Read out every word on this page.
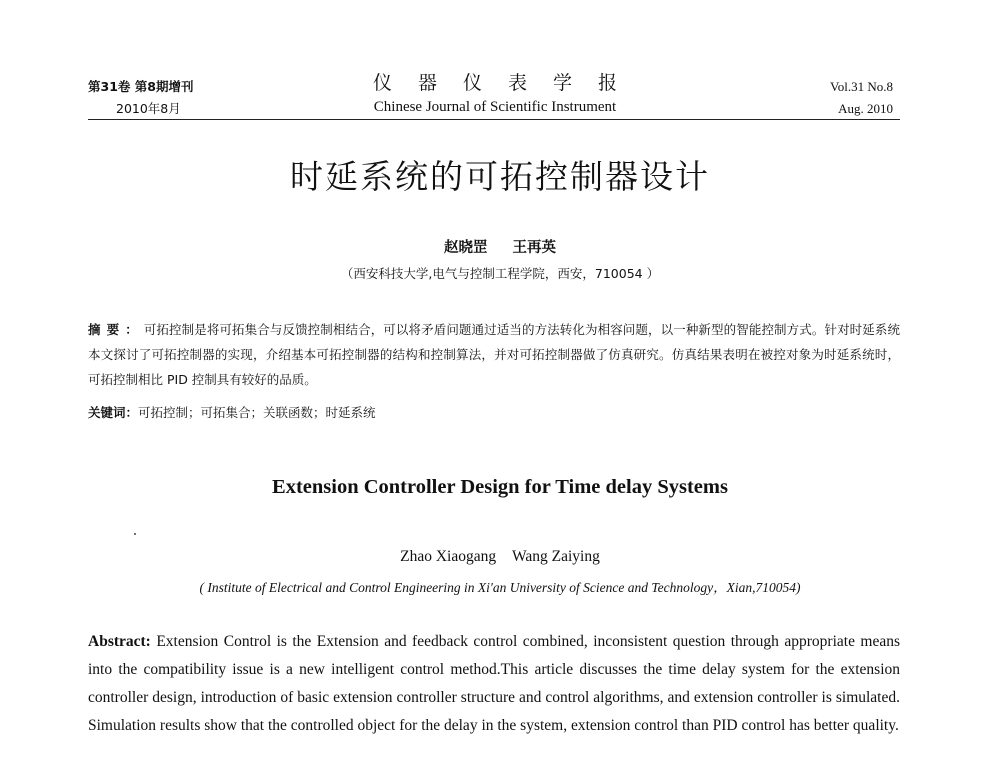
第31卷 第8期增刊
2010年8月
仪器仪表学报
Chinese Journal of Scientific Instrument
Vol.31 No.8
Aug. 2010
时延系统的可拓控制器设计
赵晓罡 王再英
（西安科技大学,电气与控制工程学院，西安，710054 ）
摘要：可拓控制是将可拓集合与反馈控制相结合，可以将矛盾问题通过适当的方法转化为相容问题，以一种新型的智能控制方式。针对时延系统本文探讨了可拓控制器的实现，介绍基本可拓控制器的结构和控制算法，并对可拓控制器做了仿真研究。仿真结果表明在被控对象为时延系统时，可拓控制相比 PID 控制具有较好的品质。
关键词：可拓控制；可拓集合；关联函数；时延系统
Extension Controller Design for Time delay Systems
Zhao Xiaogang Wang Zaiying
( Institute of Electrical and Control Engineering in Xi'an University of Science and Technology，Xian,710054)
Abstract: Extension Control is the Extension and feedback control combined, inconsistent question through appropriate means into the compatibility issue is a new intelligent control method.This article discusses the time delay system for the extension controller design, introduction of basic extension controller structure and control algorithms, and extension controller is simulated. Simulation results show that the controlled object for the delay in the system, extension control than PID control has better quality.
